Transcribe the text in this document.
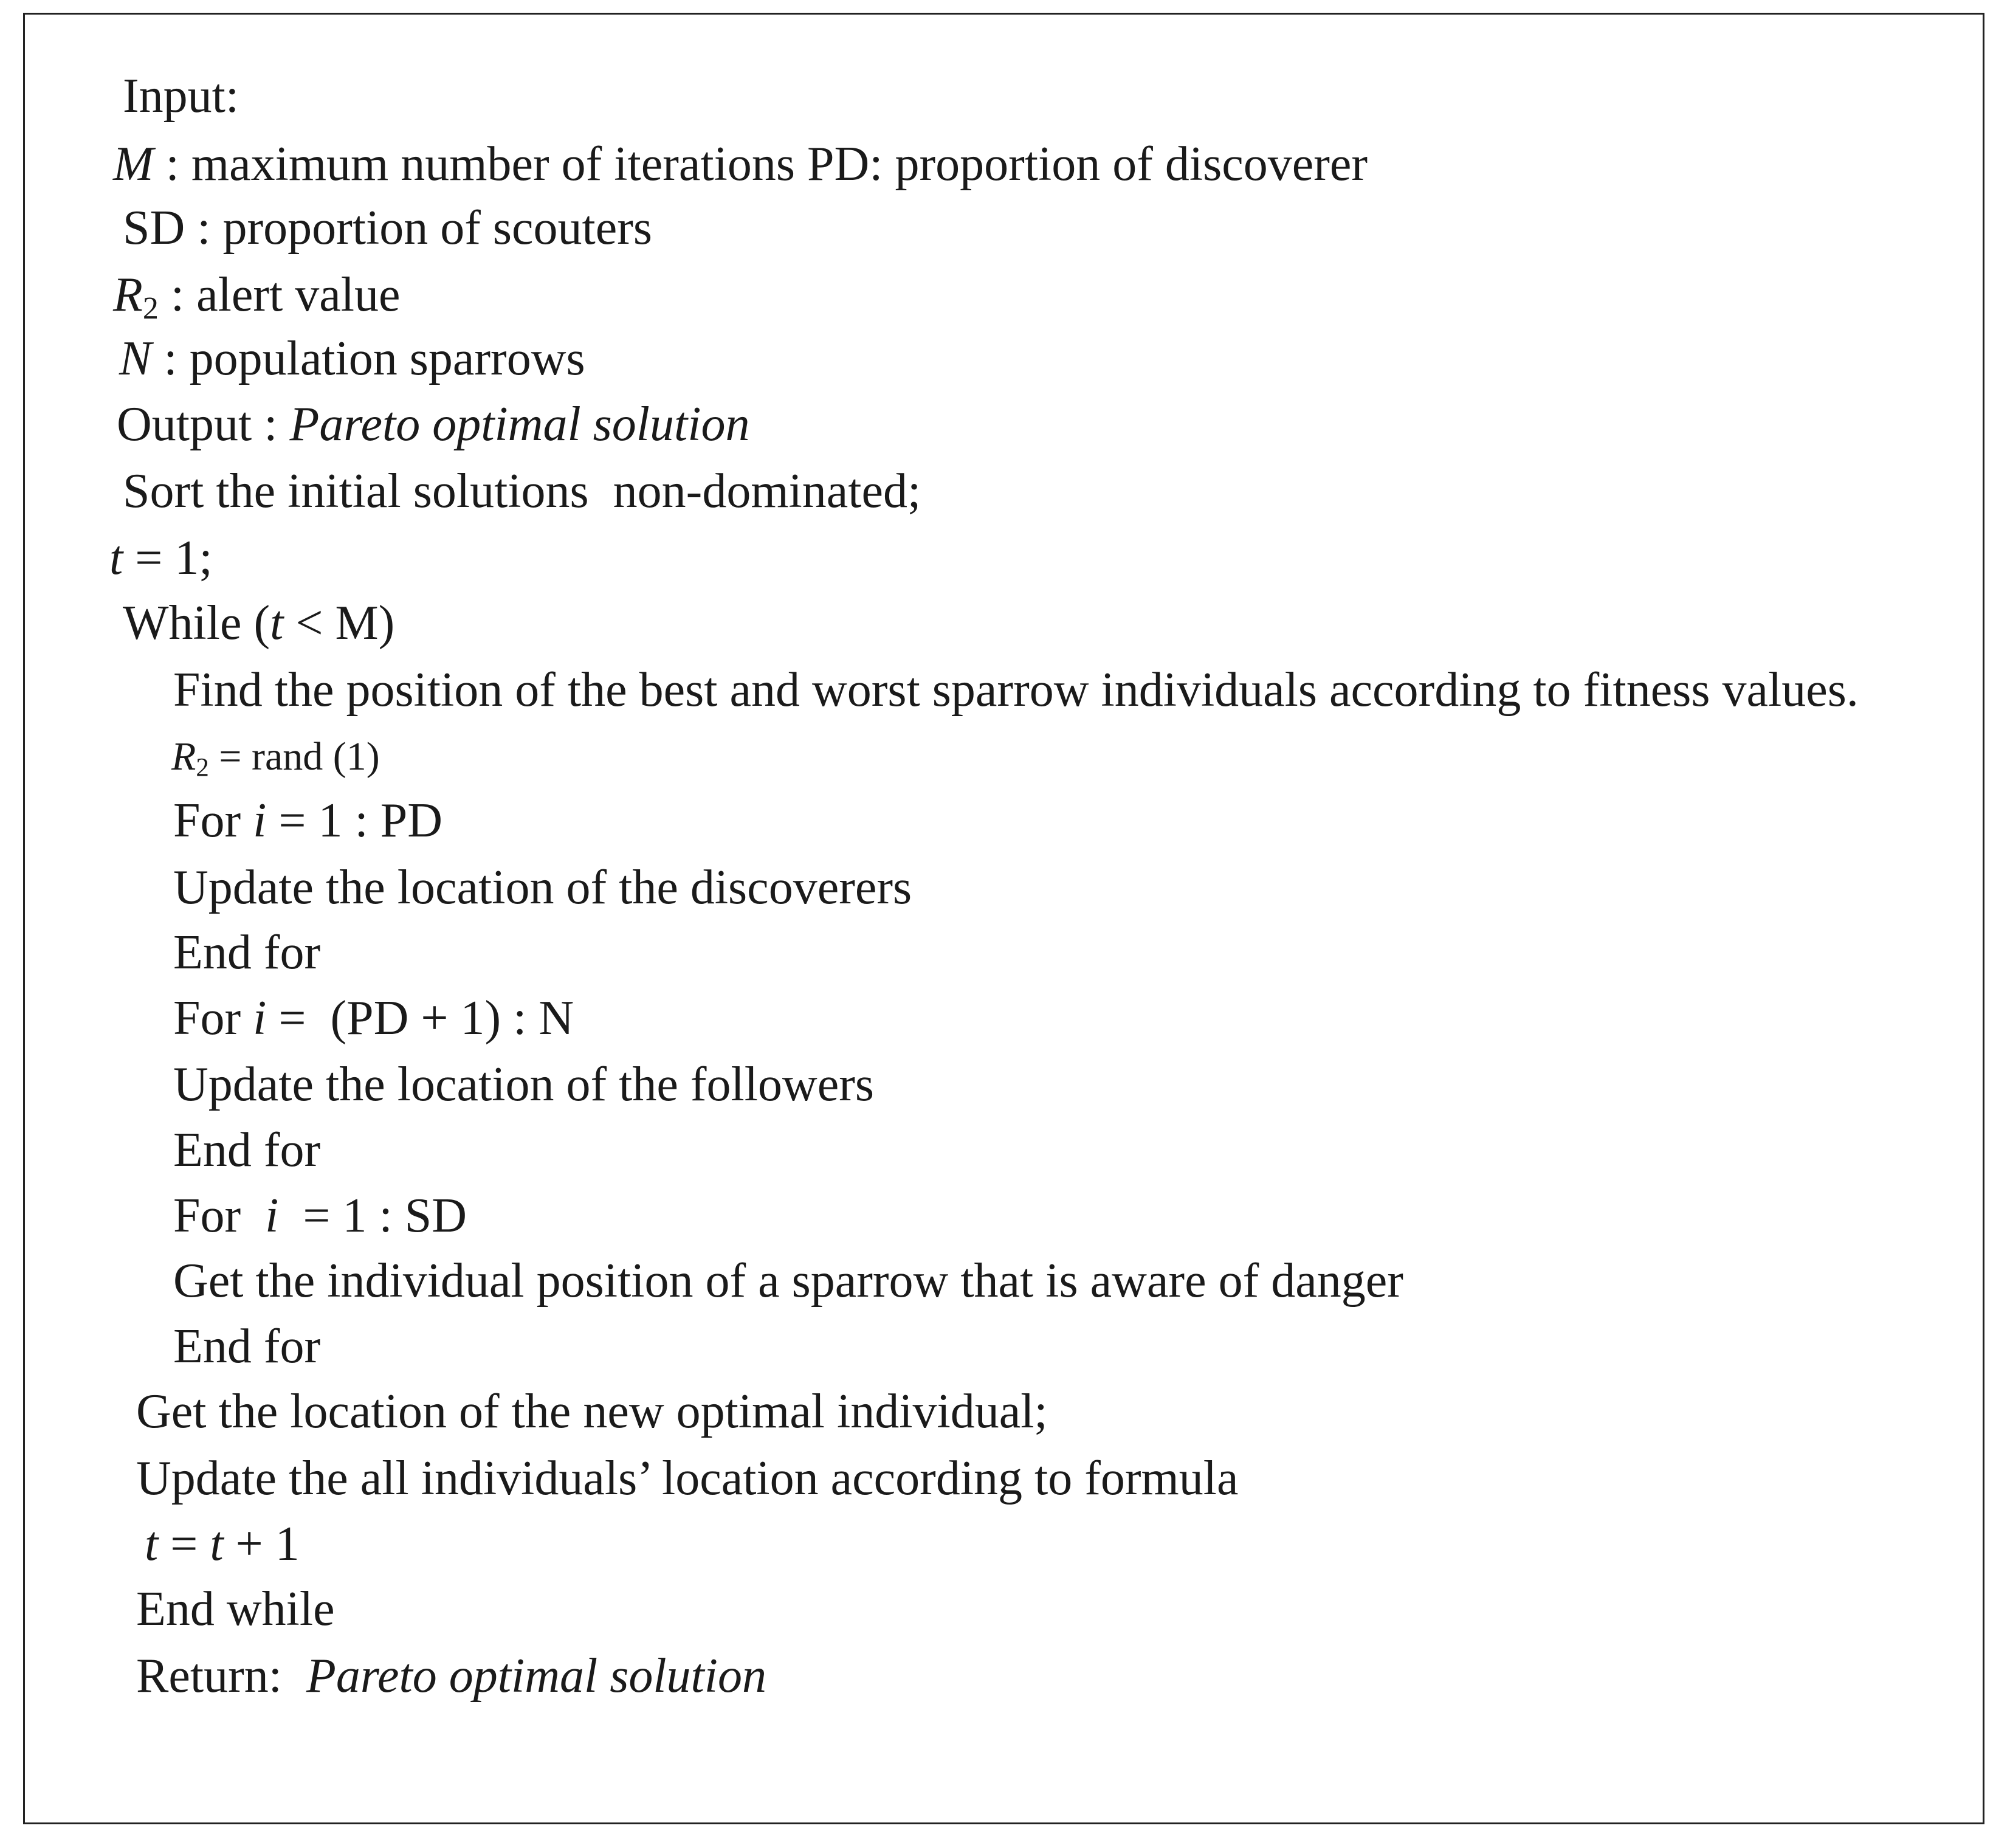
Input:
M : maximum number of iterations PD: proportion of discoverer
SD : proportion of scouters
$R_2$ : alert value
N : population sparrows
Output : Pareto optimal solution
Sort the initial solutions  non-dominated;
t = 1;
While (t < M)
Find the position of the best and worst sparrow individuals according to fitness values.
$R_2$ = rand (1)
For i = 1 : PD
Update the location of the discoverers
End for
For i =  (PD + 1) : N
Update the location of the followers
End for
For  i  = 1 : SD
Get the individual position of a sparrow that is aware of danger
End for
Get the location of the new optimal individual;
Update the all individuals’ location according to formula
t = t + 1
End while
Return:  Pareto optimal solution
